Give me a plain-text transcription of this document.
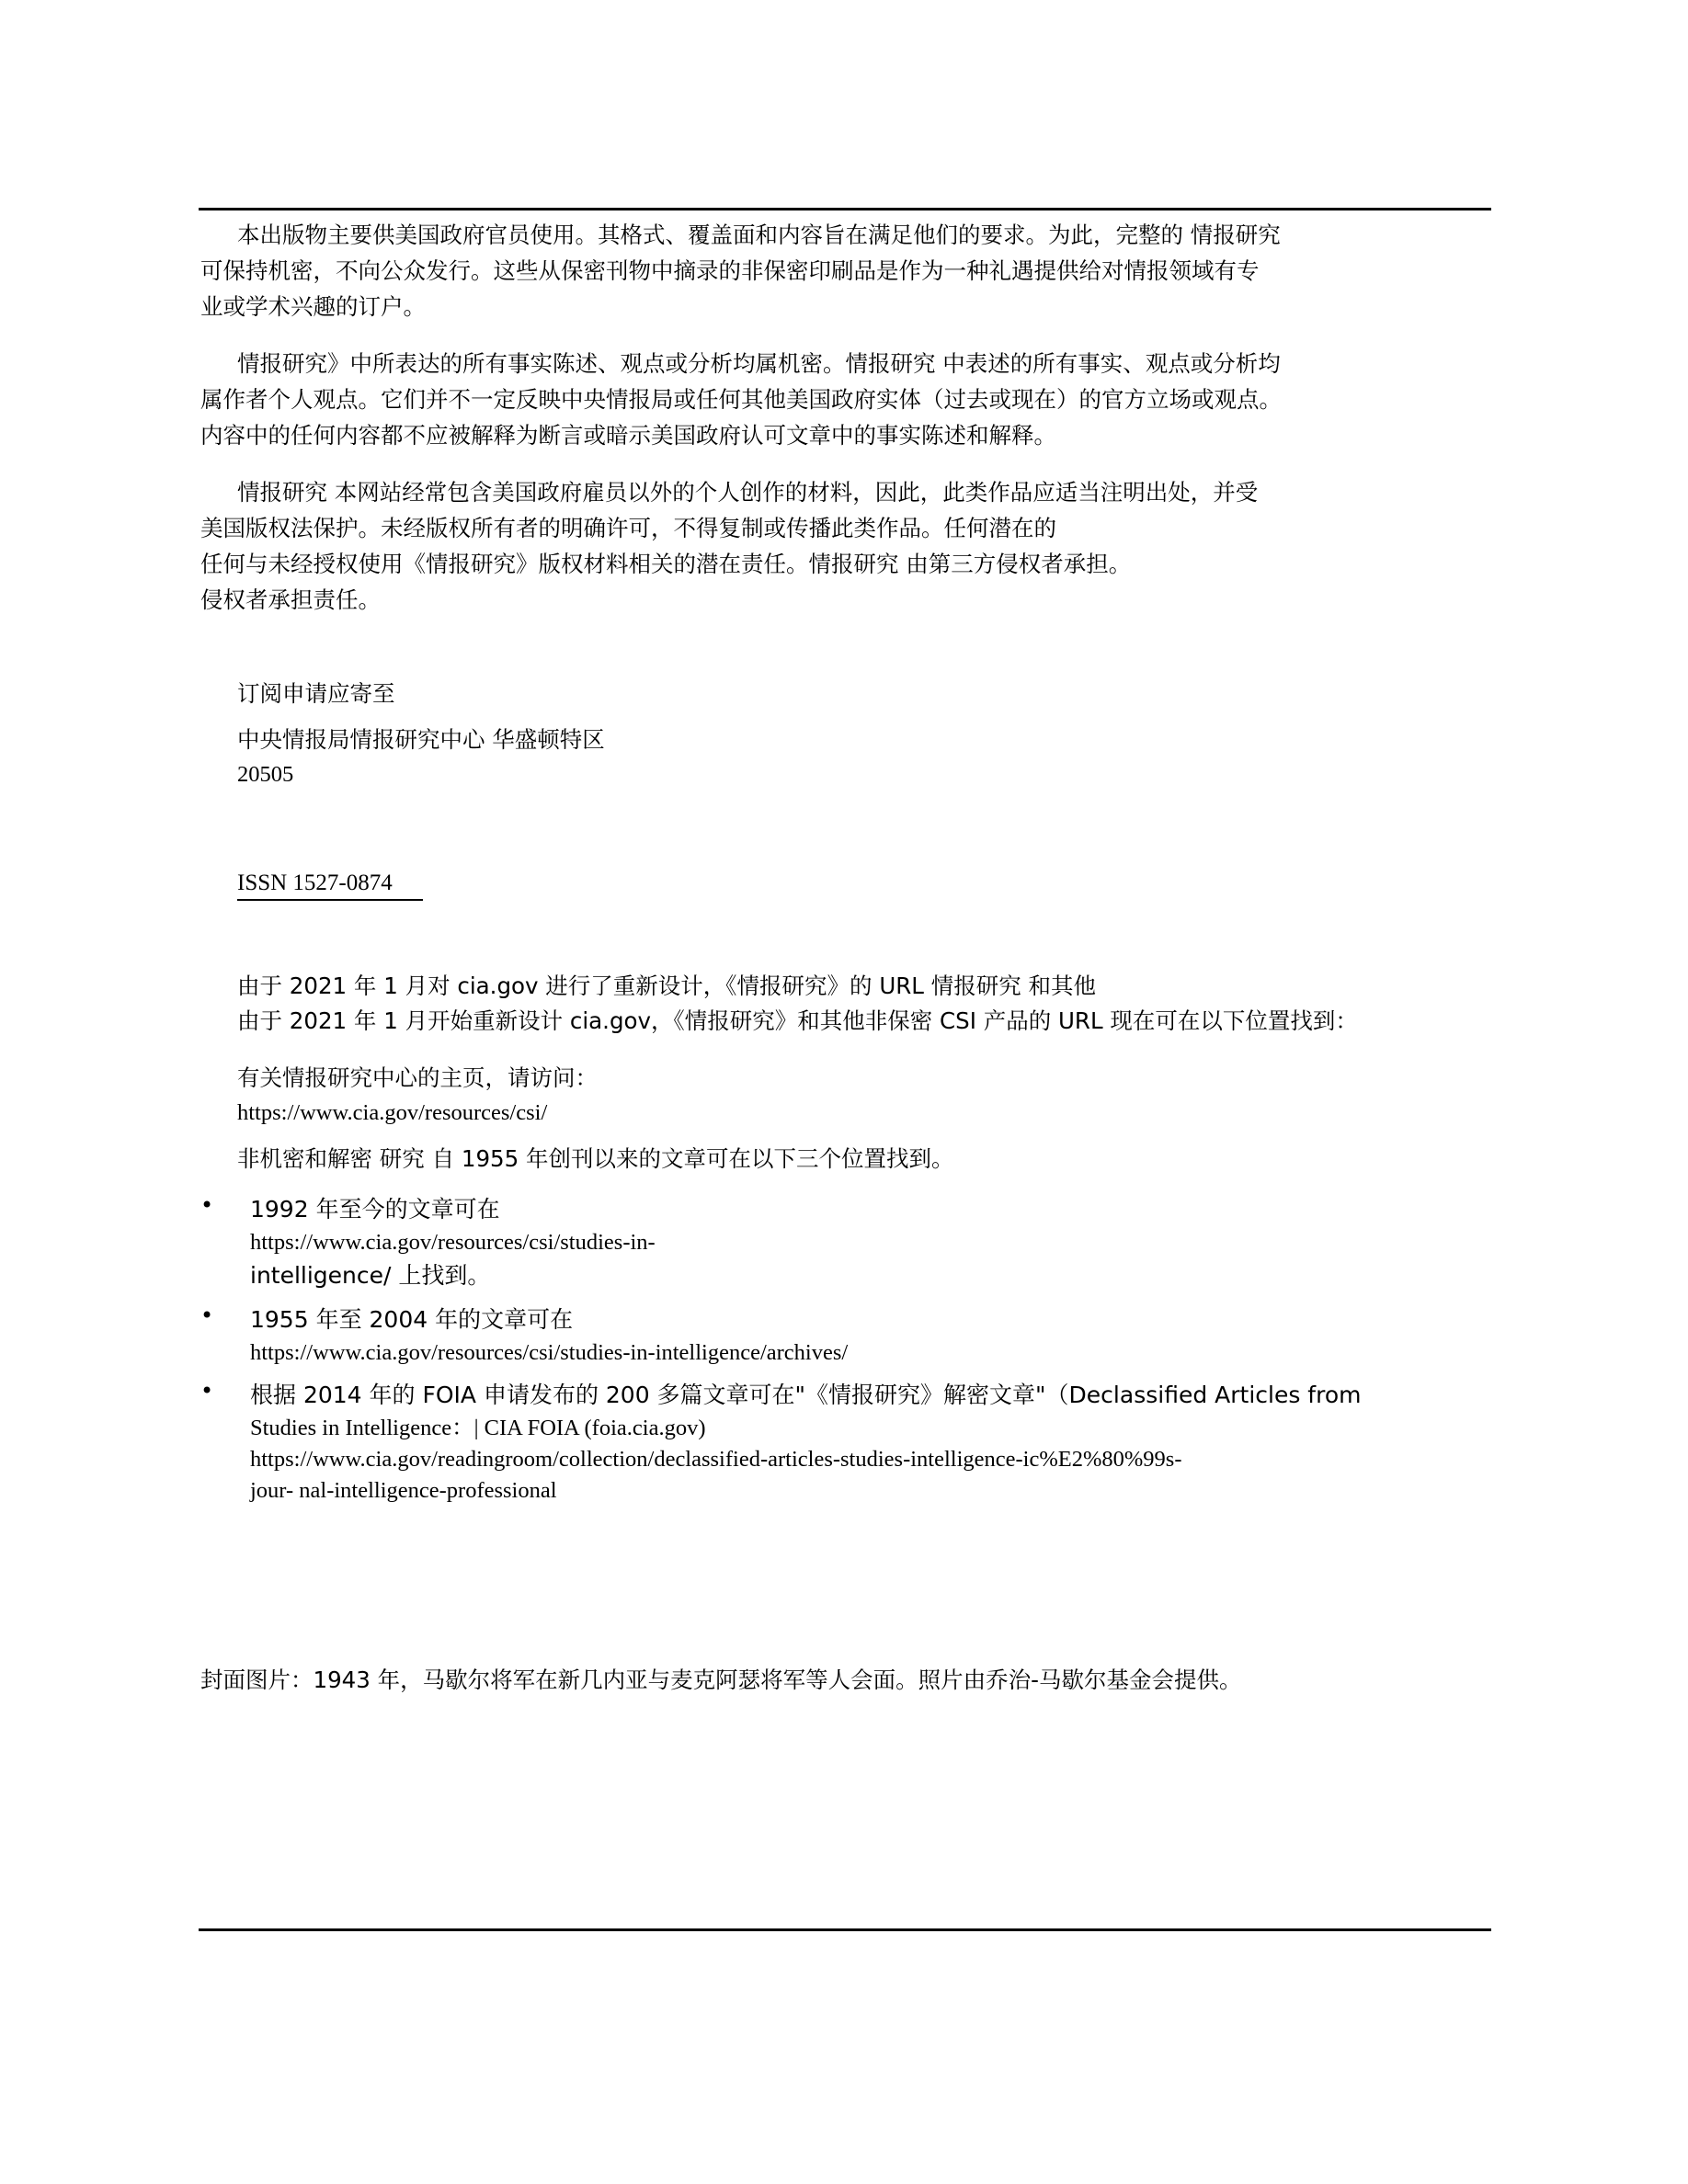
本出版物主要供美国政府官员使用。其格式、覆盖面和内容旨在满足他们的要求。为此，完整的 情报研究
可保持机密，不向公众发行。这些从保密刊物中摘录的非保密印刷品是作为一种礼遇提供给对情报领域有专
业或学术兴趣的订户。
情报研究》中所表达的所有事实陈述、观点或分析均属机密。情报研究 中表述的所有事实、观点或分析均
属作者个人观点。它们并不一定反映中央情报局或任何其他美国政府实体（过去或现在）的官方立场或观点。
内容中的任何内容都不应被解释为断言或暗示美国政府认可文章中的事实陈述和解释。
情报研究 本网站经常包含美国政府雇员以外的个人创作的材料，因此，此类作品应适当注明出处，并受
美国版权法保护。未经版权所有者的明确许可，不得复制或传播此类作品。任何潜在的
任何与未经授权使用《情报研究》版权材料相关的潜在责任。情报研究 由第三方侵权者承担。
侵权者承担责任。
订阅申请应寄至
中央情报局情报研究中心 华盛顿特区
20505
ISSN 1527-0874
由于 2021 年 1 月对 cia.gov 进行了重新设计，《情报研究》的 URL 情报研究 和其他
由于 2021 年 1 月开始重新设计 cia.gov，《情报研究》和其他非保密 CSI 产品的 URL 现在可在以下位置找到：
有关情报研究中心的主页，请访问：
https://www.cia.gov/resources/csi/
非机密和解密 研究 自 1955 年创刊以来的文章可在以下三个位置找到。
• 1992 年至今的文章可在
https://www.cia.gov/resources/csi/studies-in-
intelligence/ 上找到。
• 1955 年至 2004 年的文章可在
https://www.cia.gov/resources/csi/studies-in-intelligence/archives/
• 根据 2014 年的 FOIA 申请发布的 200 多篇文章可在"《情报研究》解密文章"（Declassified Articles from
Studies in Intelligence：| CIA FOIA (foia.cia.gov)
https://www.cia.gov/readingroom/collection/declassified-articles-studies-intelligence-ic%E2%80%99s-
jour- nal-intelligence-professional
封面图片：1943 年，马歇尔将军在新几内亚与麦克阿瑟将军等人会面。照片由乔治-马歇尔基金会提供。
